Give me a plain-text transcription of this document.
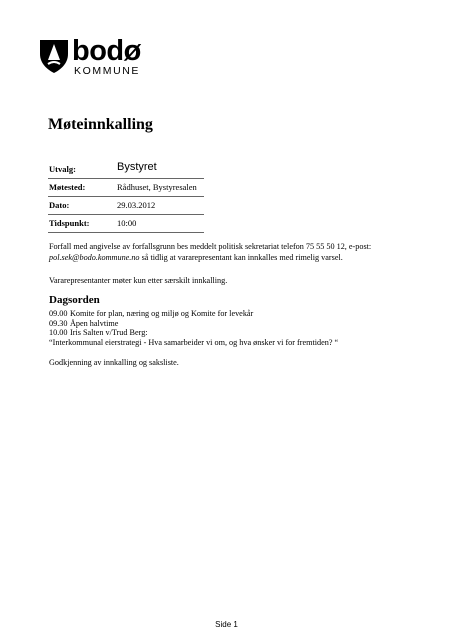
bodø
KOMMUNE
Møteinnkalling
Utvalg:	Bystyret
Møtested:	Rådhuset, Bystyresalen
Dato:	29.03.2012
Tidspunkt:	10:00
Forfall med angivelse av forfallsgrunn bes meddelt politisk sekretariat telefon 75 55 50 12, e-post:
pol.sek@bodo.kommune.no så tidlig at vararepresentant kan innkalles med rimelig varsel.
Vararepresentanter møter kun etter særskilt innkalling.
Dagsorden
09.00 Komite for plan, næring og miljø og Komite for levekår
09.30 Åpen halvtime
10.00 Iris Salten v/Trud Berg:
“Interkommunal eierstrategi - Hva samarbeider vi om, og hva ønsker vi for fremtiden? “
Godkjenning av innkalling og saksliste.
Side 1
